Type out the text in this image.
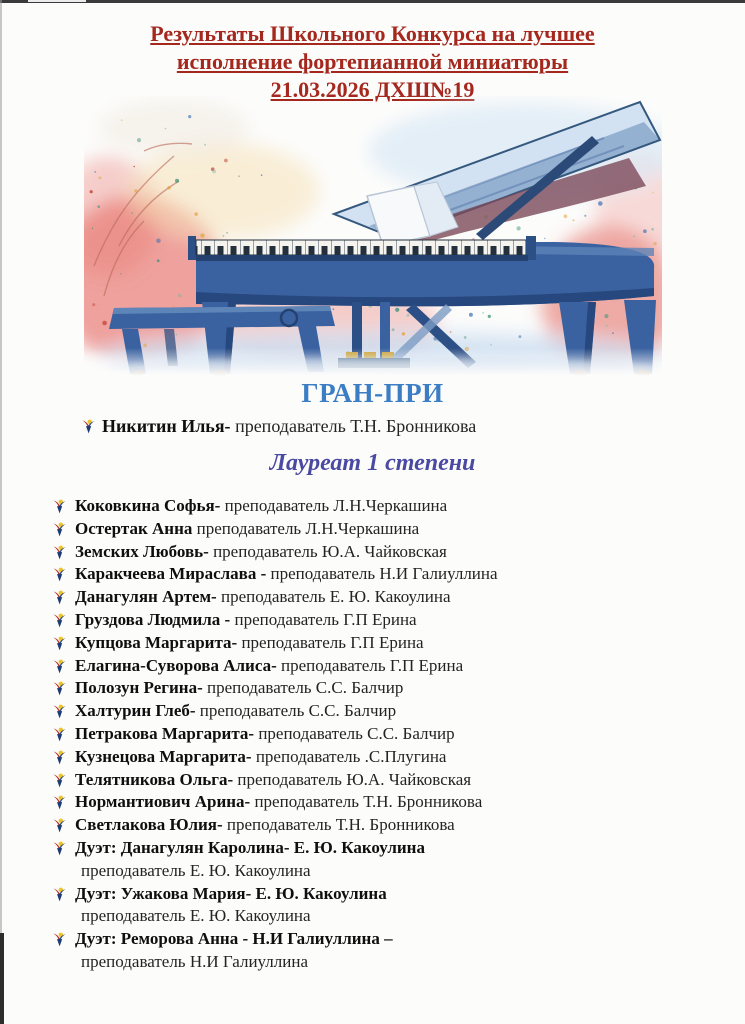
Результаты Школьного Конкурса на лучшее
исполнение фортепианной миниатюры
21.03.2026 ДХШ№19
ГРАН-ПРИ
Никитин Илья- преподаватель Т.Н. Бронникова
Лауреат 1 степени
Коковкина Софья- преподаватель Л.Н.Черкашина
Остертак Анна преподаватель Л.Н.Черкашина
Земских Любовь- преподаватель Ю.А. Чайковская
Каракчеева Мираслава - преподаватель Н.И Галиуллина
Данагулян Артем- преподаватель Е. Ю. Какоулина
Груздова Людмила - преподаватель Г.П Ерина
Купцова Маргарита- преподаватель Г.П Ерина
Елагина-Суворова Алиса- преподаватель Г.П Ерина
Полозун Регина- преподаватель С.С. Балчир
Халтурин Глеб- преподаватель С.С. Балчир
Петракова Маргарита- преподаватель С.С. Балчир
Кузнецова Маргарита- преподаватель .С.Плугина
Телятникова Ольга- преподаватель Ю.А. Чайковская
Нормантиович Арина- преподаватель Т.Н. Бронникова
Светлакова Юлия- преподаватель Т.Н. Бронникова
Дуэт: Данагулян Каролина- Е. Ю. Какоулина
преподаватель Е. Ю. Какоулина
Дуэт: Ужакова Мария- Е. Ю. Какоулина
преподаватель Е. Ю. Какоулина
Дуэт: Реморова Анна - Н.И Галиуллина –
преподаватель Н.И Галиуллина
